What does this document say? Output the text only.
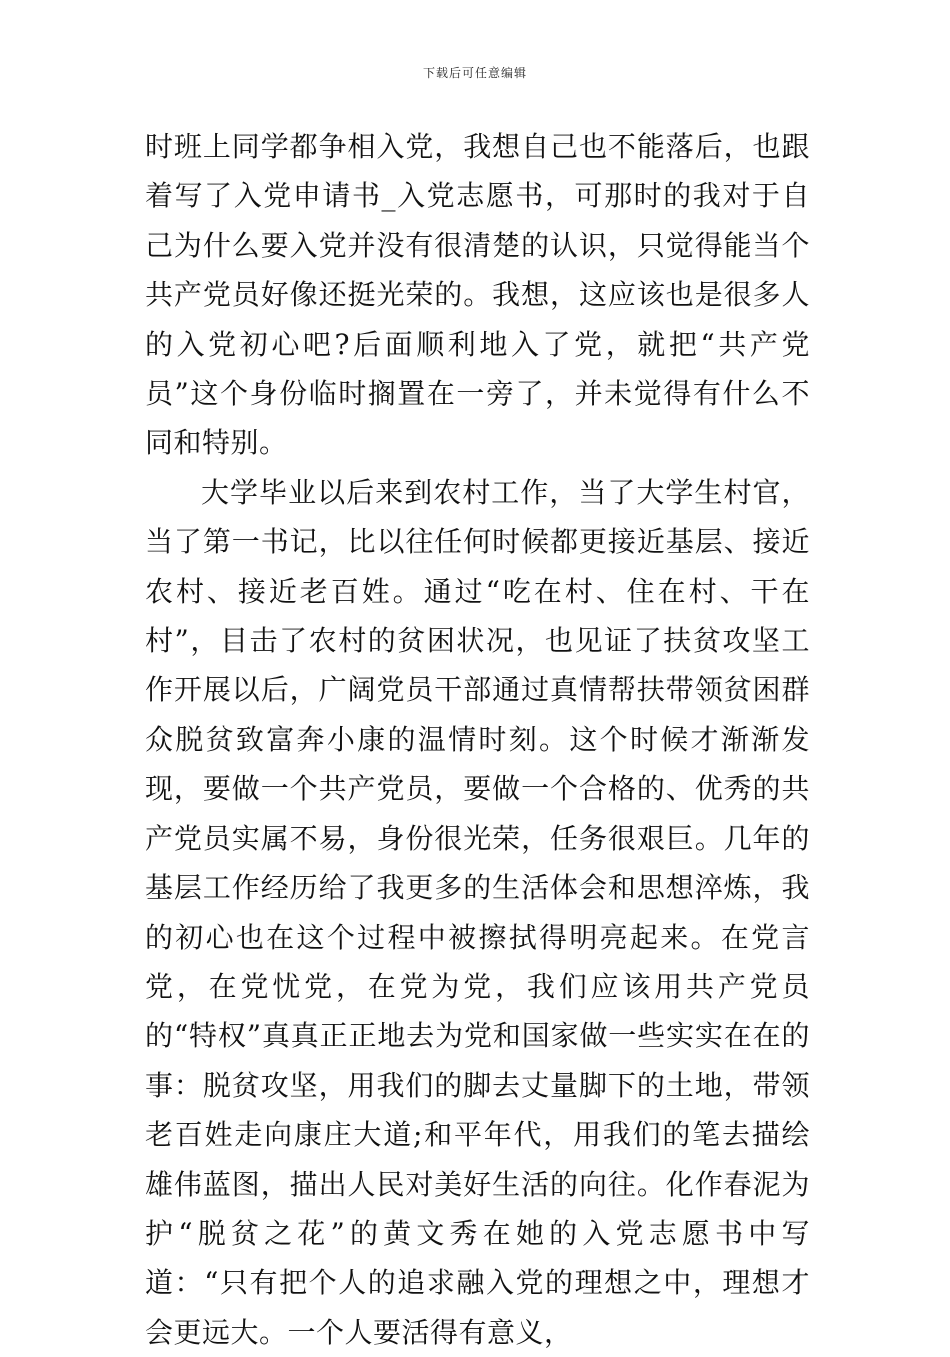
下载后可任意编辑

时班上同学都争相入党，我想自己也不能落后，也跟着写了入党申请书_入党志愿书，可那时的我对于自己为什么要入党并没有很清楚的认识，只觉得能当个共产党员好像还挺光荣的。我想，这应该也是很多人的入党初心吧?后面顺利地入了党，就把“共产党员”这个身份临时搁置在一旁了，并未觉得有什么不同和特别。

大学毕业以后来到农村工作，当了大学生村官，当了第一书记，比以往任何时候都更接近基层、接近农村、接近老百姓。通过“吃在村、住在村、干在村”，目击了农村的贫困状况，也见证了扶贫攻坚工作开展以后，广阔党员干部通过真情帮扶带领贫困群众脱贫致富奔小康的温情时刻。这个时候才渐渐发现，要做一个共产党员，要做一个合格的、优秀的共产党员实属不易，身份很光荣，任务很艰巨。几年的基层工作经历给了我更多的生活体会和思想淬炼，我的初心也在这个过程中被擦拭得明亮起来。在党言党，在党忧党，在党为党，我们应该用共产党员的“特权”真真正正地去为党和国家做一些实实在在的事：脱贫攻坚，用我们的脚去丈量脚下的土地，带领老百姓走向康庄大道;和平年代，用我们的笔去描绘雄伟蓝图，描出人民对美好生活的向往。化作春泥为护“脱贫之花”的黄文秀在她的入党志愿书中写道：“只有把个人的追求融入党的理想之中，理想才会更远大。一个人要活得有意义，
